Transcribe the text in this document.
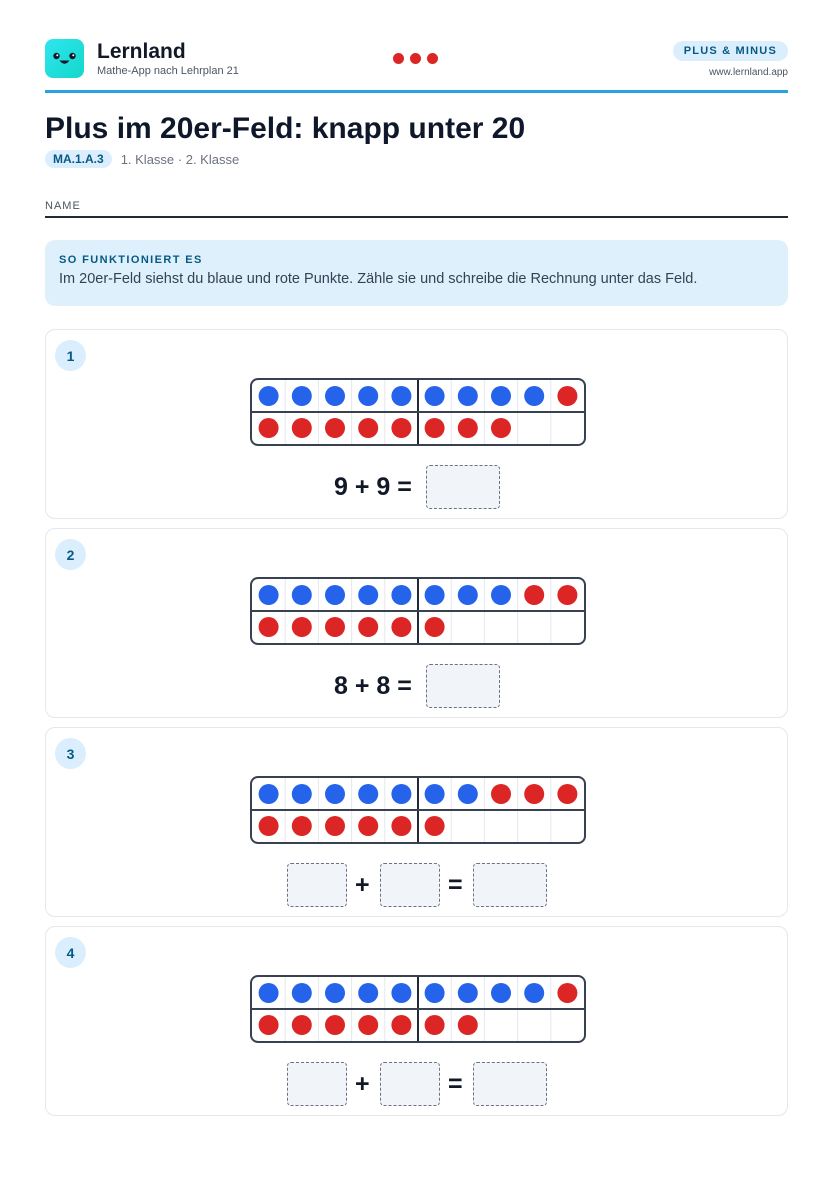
Lernland
Mathe-App nach Lehrplan 21
PLUS & MINUS
www.lernland.app
Plus im 20er-Feld: knapp unter 20
MA.1.A.3	1. Klasse · 2. Klasse
NAME
SO FUNKTIONIERT ES
Im 20er-Feld siehst du blaue und rote Punkte. Zähle sie und schreibe die Rechnung unter das Feld.
1
9 + 9 =
2
8 + 8 =
3
+	=
4
+	=
